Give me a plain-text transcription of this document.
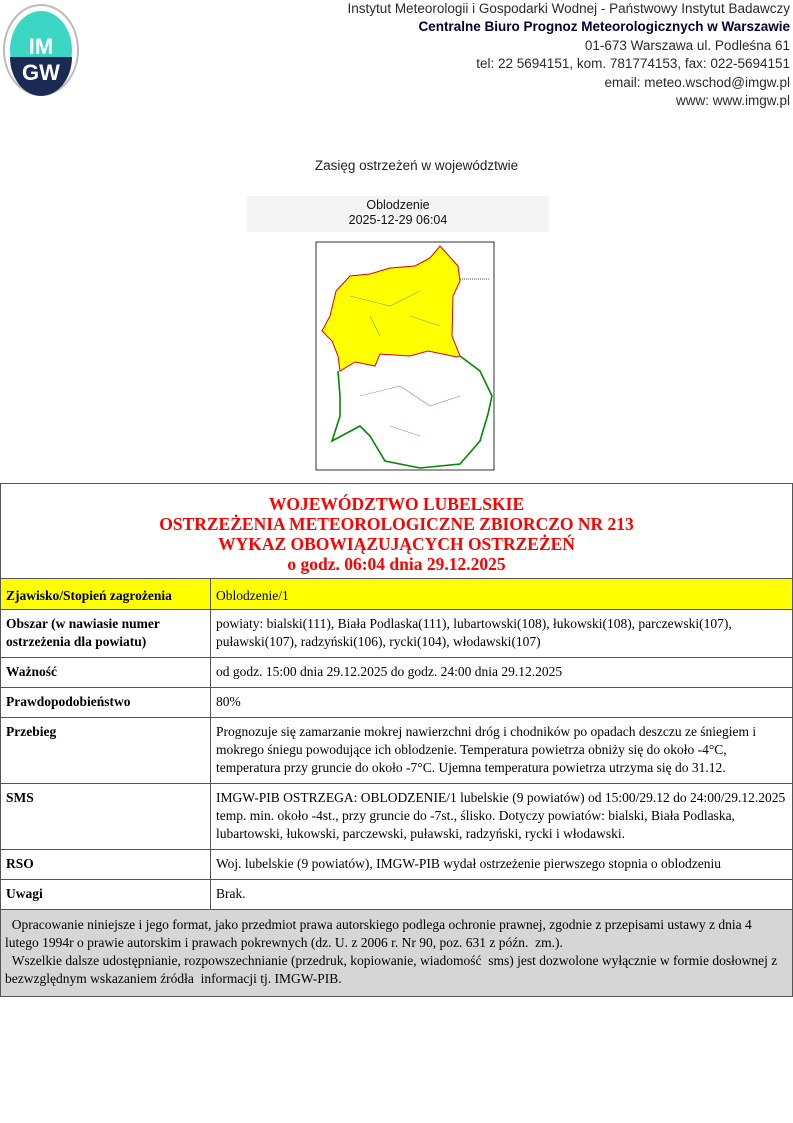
IM
GW
Instytut Meteorologii i Gospodarki Wodnej - Państwowy Instytut Badawczy
Centralne Biuro Prognoz Meteorologicznych w Warszawie
01-673 Warszawa ul. Podleśna 61
tel: 22 5694151, kom. 781774153, fax: 022-5694151
email: meteo.wschod@imgw.pl
www: www.imgw.pl
Zasięg ostrzeżeń w województwie
Oblodzenie
2025-12-29 06:04
WOJEWÓDZTWO LUBELSKIE
OSTRZEŻENIA METEOROLOGICZNE ZBIORCZO NR 213
WYKAZ OBOWIĄZUJĄCYCH OSTRZEŻEŃ
o godz. 06:04 dnia 29.12.2025
Zjawisko/Stopień zagrożenia	Oblodzenie/1
Obszar (w nawiasie numer ostrzeżenia dla powiatu)	powiaty: bialski(111), Biała Podlaska(111), lubartowski(108), łukowski(108), parczewski(107), puławski(107), radzyński(106), rycki(104), włodawski(107)
Ważność	od godz. 15:00 dnia 29.12.2025 do godz. 24:00 dnia 29.12.2025
Prawdopodobieństwo	80%
Przebieg	Prognozuje się zamarzanie mokrej nawierzchni dróg i chodników po opadach deszczu ze śniegiem i mokrego śniegu powodujące ich oblodzenie. Temperatura powietrza obniży się do około -4°C, temperatura przy gruncie do około -7°C. Ujemna temperatura powietrza utrzyma się do 31.12.
SMS	IMGW-PIB OSTRZEGA: OBLODZENIE/1 lubelskie (9 powiatów) od 15:00/29.12 do 24:00/29.12.2025 temp. min. około -4st., przy gruncie do -7st., ślisko. Dotyczy powiatów: bialski, Biała Podlaska, lubartowski, łukowski, parczewski, puławski, radzyński, rycki i włodawski.
RSO	Woj. lubelskie (9 powiatów), IMGW-PIB wydał ostrzeżenie pierwszego stopnia o oblodzeniu
Uwagi	Brak.
Opracowanie niniejsze i jego format, jako przedmiot prawa autorskiego podlega ochronie prawnej, zgodnie z przepisami ustawy z dnia 4 lutego 1994r o prawie autorskim i prawach pokrewnych (dz. U. z 2006 r. Nr 90, poz. 631 z późn.  zm.).
Wszelkie dalsze udostępnianie, rozpowszechnianie (przedruk, kopiowanie, wiadomość  sms) jest dozwolone wyłącznie w formie dosłownej z bezwzględnym wskazaniem źródła  informacji tj. IMGW-PIB.
